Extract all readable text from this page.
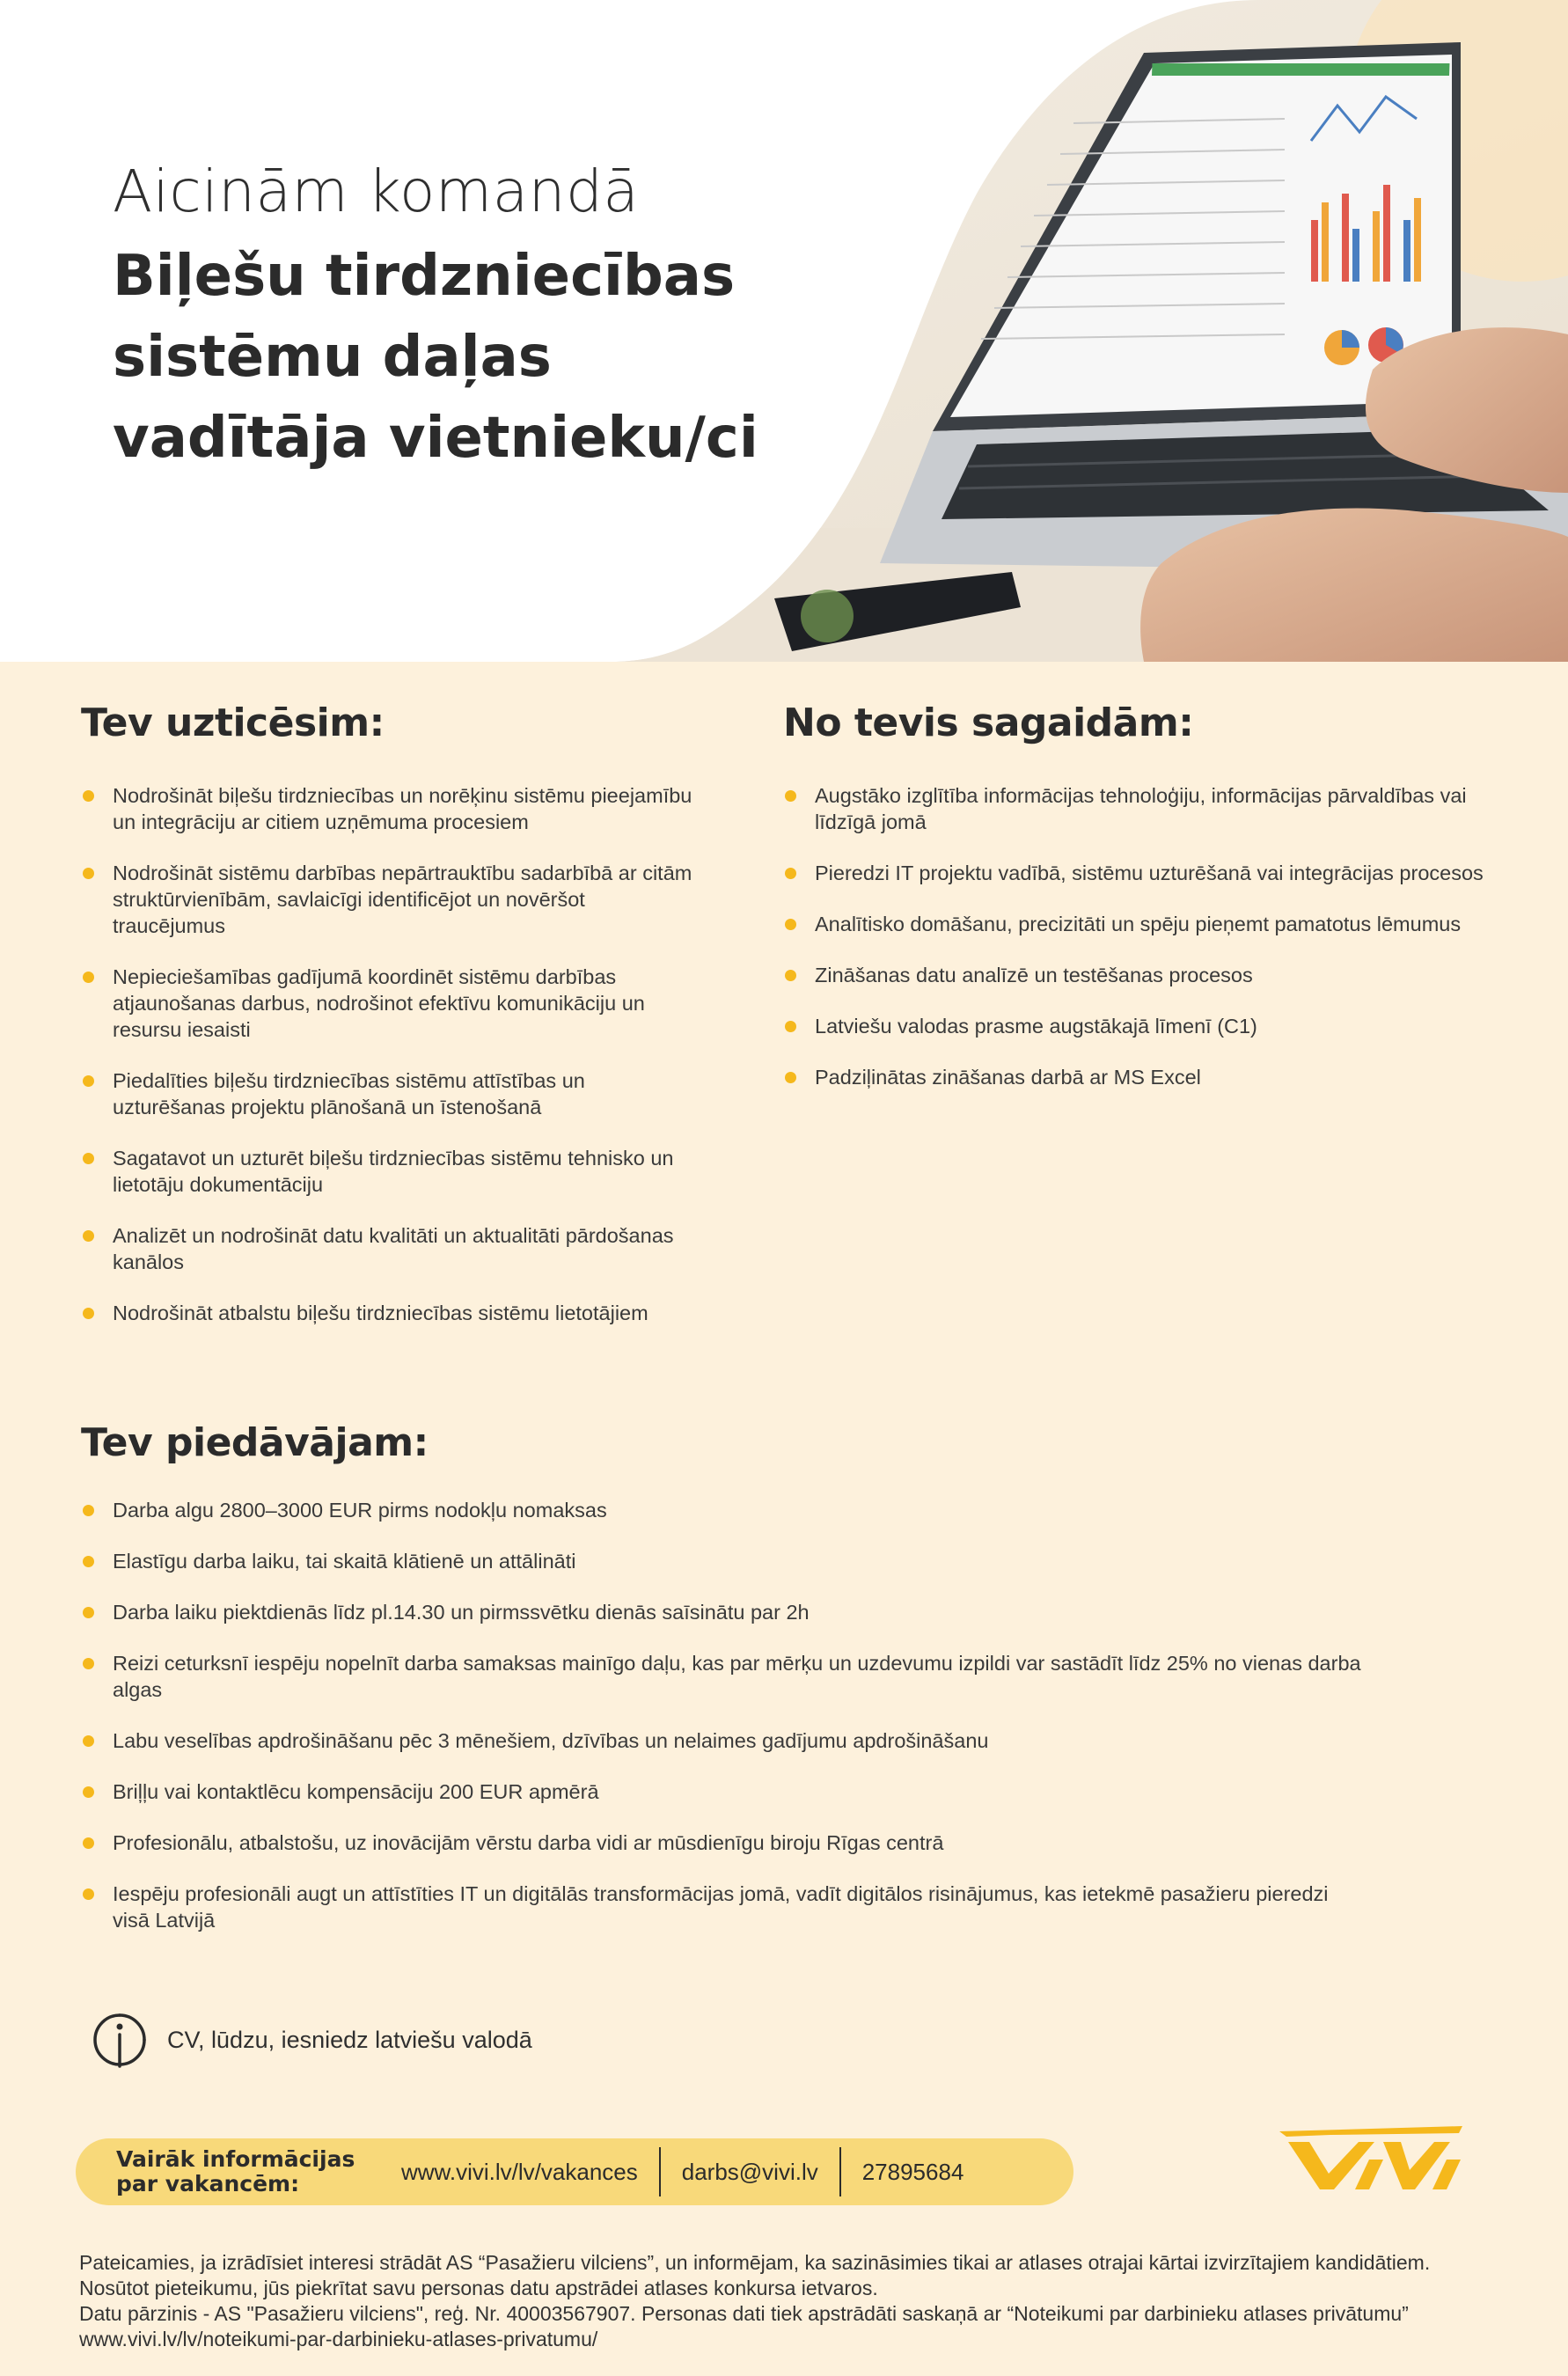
Aicinām komandā
Biļešu tirdzniecības
sistēmu daļas
vadītāja vietnieku/ci
Tev uzticēsim:
Nodrošināt biļešu tirdzniecības un norēķinu sistēmu pieejamību un integrāciju ar citiem uzņēmuma procesiem
Nodrošināt sistēmu darbības nepārtrauktību sadarbībā ar citām struktūrvienībām, savlaicīgi identificējot un novēršot traucējumus
Nepieciešamības gadījumā koordinēt sistēmu darbības atjaunošanas darbus, nodrošinot efektīvu komunikāciju un resursu iesaisti
Piedalīties biļešu tirdzniecības sistēmu attīstības un uzturēšanas projektu plānošanā un īstenošanā
Sagatavot un uzturēt biļešu tirdzniecības sistēmu tehnisko un lietotāju dokumentāciju
Analizēt un nodrošināt datu kvalitāti un aktualitāti pārdošanas kanālos
Nodrošināt atbalstu biļešu tirdzniecības sistēmu lietotājiem
No tevis sagaidām:
Augstāko izglītība informācijas tehnoloģiju, informācijas pārvaldības vai līdzīgā jomā
Pieredzi IT projektu vadībā, sistēmu uzturēšanā vai integrācijas procesos
Analītisko domāšanu, precizitāti un spēju pieņemt pamatotus lēmumus
Zināšanas datu analīzē un testēšanas procesos
Latviešu valodas prasme augstākajā līmenī (C1)
Padziļinātas zināšanas darbā ar MS Excel
Tev piedāvājam:
Darba algu 2800–3000 EUR pirms nodokļu nomaksas
Elastīgu darba laiku, tai skaitā klātienē un attālināti
Darba laiku piektdienās līdz pl.14.30 un pirmssvētku dienās saīsinātu par 2h
Reizi ceturksnī iespēju nopelnīt darba samaksas mainīgo daļu, kas par mērķu un uzdevumu izpildi var sastādīt līdz 25% no vienas darba algas
Labu veselības apdrošināšanu pēc 3 mēnešiem, dzīvības un nelaimes gadījumu apdrošināšanu
Briļļu vai kontaktlēcu kompensāciju 200 EUR apmērā
Profesionālu, atbalstošu, uz inovācijām vērstu darba vidi ar mūsdienīgu biroju Rīgas centrā
Iespēju profesionāli augt un attīstīties IT un digitālās transformācijas jomā, vadīt digitālos risinājumus, kas ietekmē pasažieru pieredzi visā Latvijā
CV, lūdzu, iesniedz latviešu valodā
Vairāk informācijas par vakancēm:	www.vivi.lv/lv/vakances	darbs@vivi.lv	27895684

Pateicamies, ja izrādīsiet interesi strādāt AS “Pasažieru vilciens”, un informējam, ka sazināsimies tikai ar atlases otrajai kārtai izvirzītajiem kandidātiem. Nosūtot pieteikumu, jūs piekrītat savu personas datu apstrādei atlases konkursa ietvaros.

Datu pārzinis - AS "Pasažieru vilciens", reģ. Nr. 40003567907. Personas dati tiek apstrādāti saskaņā ar “Noteikumi par darbinieku atlases privātumu” www.vivi.lv/lv/noteikumi-par-darbinieku-atlases-privatumu/
